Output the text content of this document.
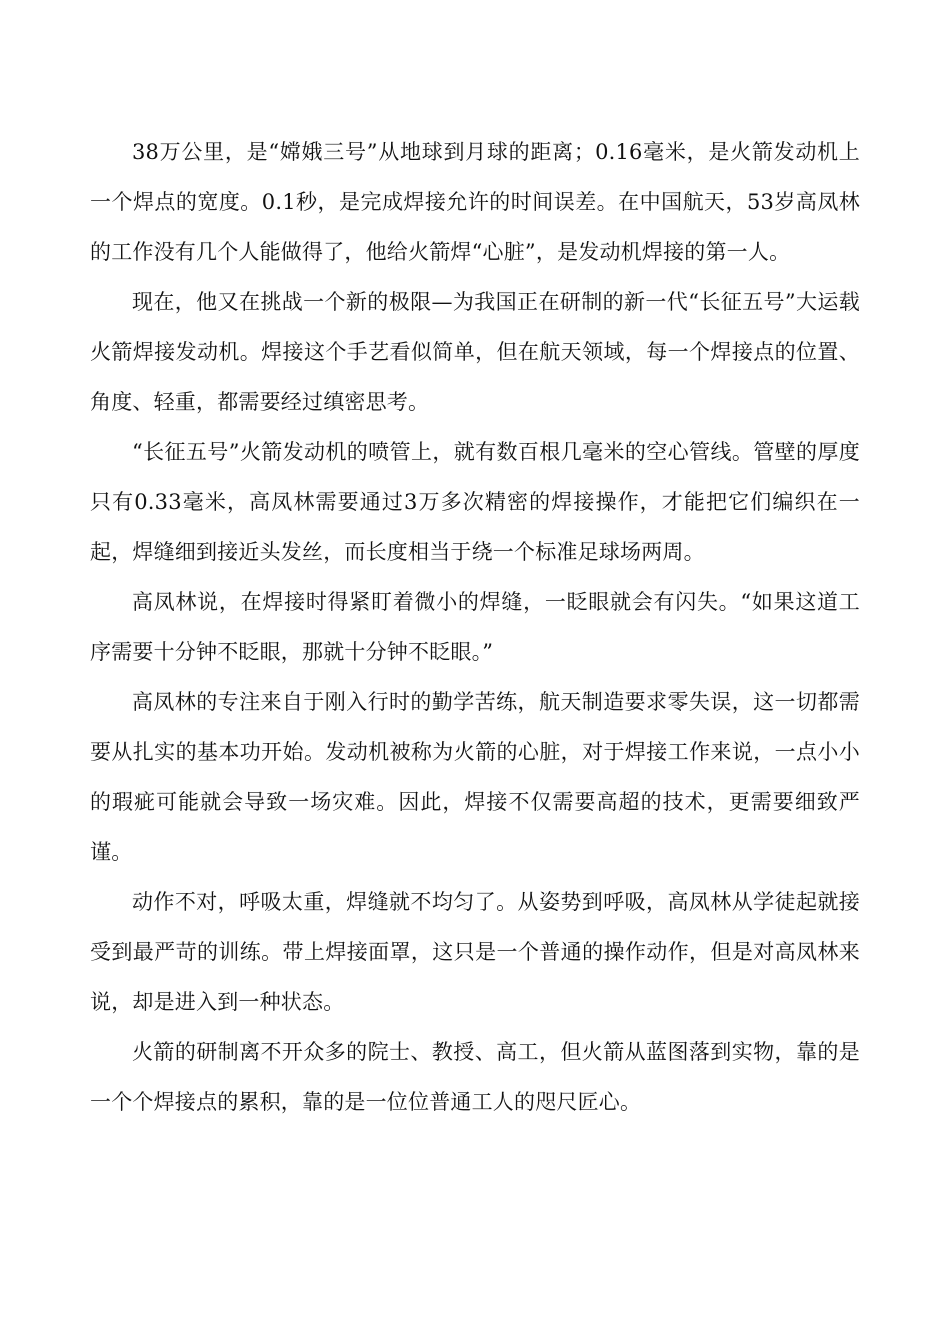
38万公里，是“嫦娥三号”从地球到月球的距离；0.16毫米，是火箭发动机上一个焊点的宽度。0.1秒，是完成焊接允许的时间误差。在中国航天，53岁高凤林的工作没有几个人能做得了，他给火箭焊“心脏”，是发动机焊接的第一人。

现在，他又在挑战一个新的极限—为我国正在研制的新一代“长征五号”大运载火箭焊接发动机。焊接这个手艺看似简单，但在航天领域，每一个焊接点的位置、角度、轻重，都需要经过缜密思考。

“长征五号”火箭发动机的喷管上，就有数百根几毫米的空心管线。管壁的厚度只有0.33毫米，高凤林需要通过3万多次精密的焊接操作，才能把它们编织在一起，焊缝细到接近头发丝，而长度相当于绕一个标准足球场两周。

高凤林说，在焊接时得紧盯着微小的焊缝，一眨眼就会有闪失。“如果这道工序需要十分钟不眨眼，那就十分钟不眨眼。”

高凤林的专注来自于刚入行时的勤学苦练，航天制造要求零失误，这一切都需要从扎实的基本功开始。发动机被称为火箭的心脏，对于焊接工作来说，一点小小的瑕疵可能就会导致一场灾难。因此，焊接不仅需要高超的技术，更需要细致严谨。

动作不对，呼吸太重，焊缝就不均匀了。从姿势到呼吸，高凤林从学徒起就接受到最严苛的训练。带上焊接面罩，这只是一个普通的操作动作，但是对高凤林来说，却是进入到一种状态。

火箭的研制离不开众多的院士、教授、高工，但火箭从蓝图落到实物，靠的是一个个焊接点的累积，靠的是一位位普通工人的咫尺匠心。
